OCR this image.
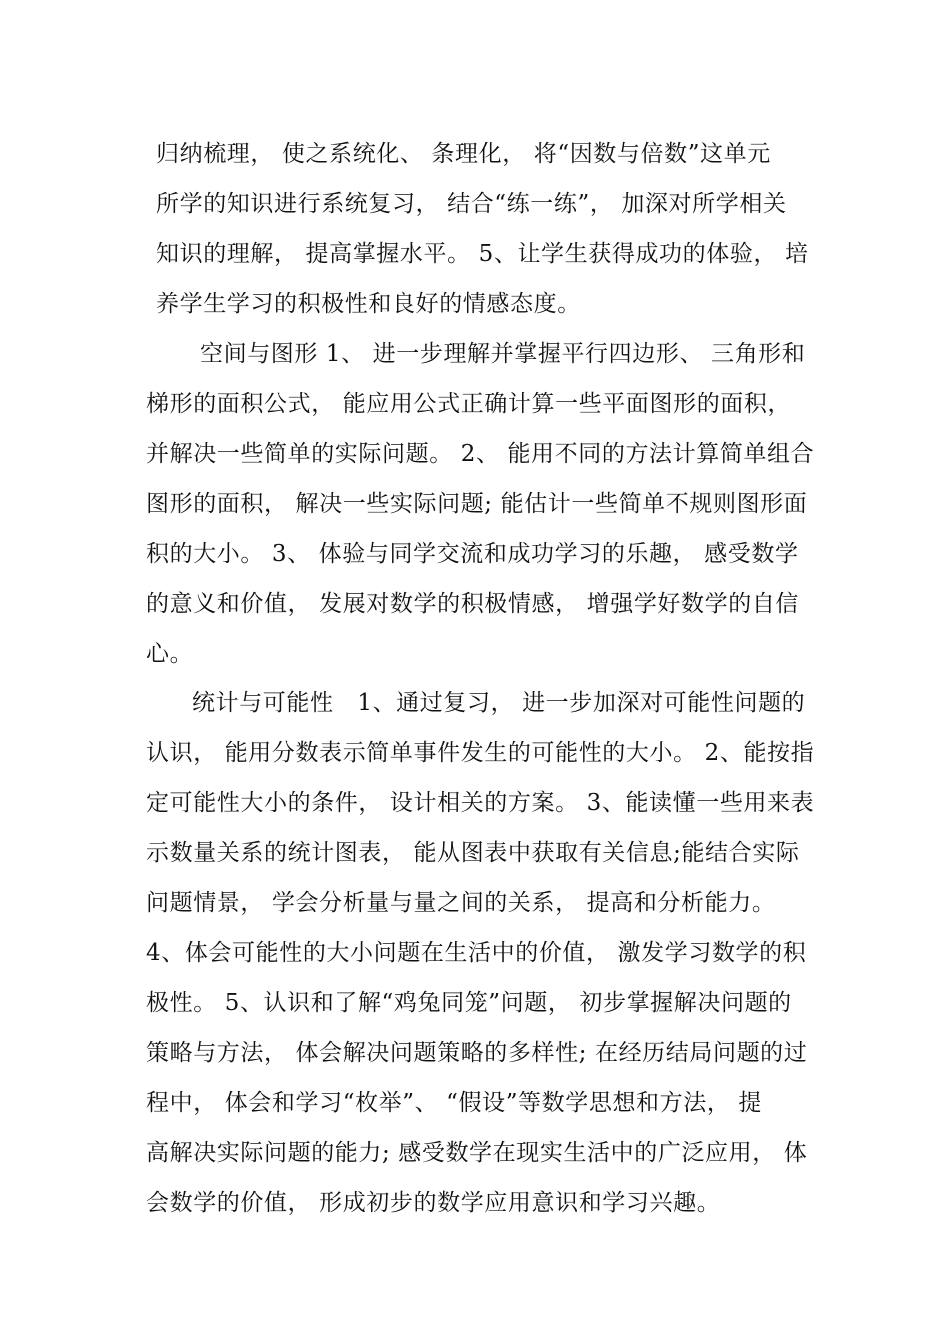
归纳梳理， 使之系统化、 条理化， 将“因数与倍数”这单元
所学的知识进行系统复习， 结合“练一练”， 加深对所学相关
知识的理解， 提高掌握水平。 5、让学生获得成功的体验， 培
养学生学习的积极性和良好的情感态度。
空间与图形 1、 进一步理解并掌握平行四边形、 三角形和
梯形的面积公式， 能应用公式正确计算一些平面图形的面积，
并解决一些简单的实际问题。 2、 能用不同的方法计算简单组合
图形的面积， 解决一些实际问题; 能估计一些简单不规则图形面
积的大小。 3、 体验与同学交流和成功学习的乐趣， 感受数学
的意义和价值， 发展对数学的积极情感， 增强学好数学的自信
心。
统计与可能性   1、通过复习， 进一步加深对可能性问题的
认识， 能用分数表示简单事件发生的可能性的大小。 2、能按指
定可能性大小的条件， 设计相关的方案。 3、能读懂一些用来表
示数量关系的统计图表， 能从图表中获取有关信息;能结合实际
问题情景， 学会分析量与量之间的关系， 提高和分析能力。
4、体会可能性的大小问题在生活中的价值， 激发学习数学的积
极性。 5、认识和了解“鸡兔同笼”问题， 初步掌握解决问题的
策略与方法， 体会解决问题策略的多样性; 在经历结局问题的过
程中， 体会和学习“枚举”、 “假设”等数学思想和方法， 提
高解决实际问题的能力; 感受数学在现实生活中的广泛应用， 体
会数学的价值， 形成初步的数学应用意识和学习兴趣。
